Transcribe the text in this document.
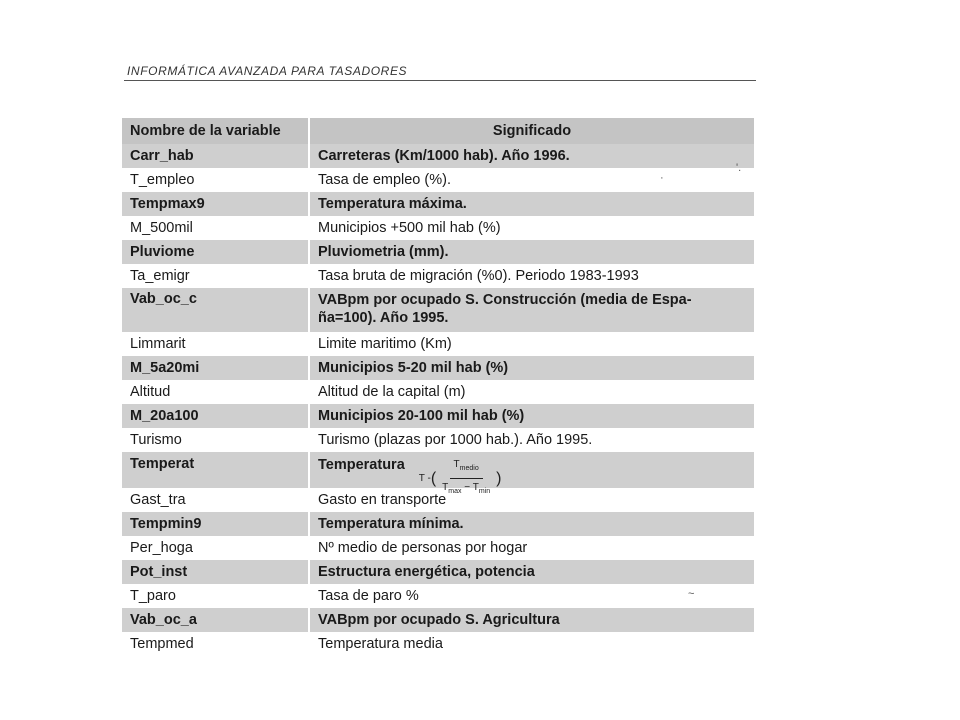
INFORMÁTICA AVANZADA PARA TASADORES
Nombre de la variable	Significado
Carr_hab	Carreteras (Km/1000 hab). Año 1996.
T_empleo	Tasa de empleo (%).
Tempmax9	Temperatura máxima.
M_500mil	Municipios +500 mil hab (%)
Pluviome	Pluviometria (mm).
Ta_emigr	Tasa bruta de migración (%0). Periodo 1983-1993
Vab_oc_c	VABpm por ocupado S. Construcción (media de Espa-
ña=100). Año 1995.
Limmarit	Limite maritimo (Km)
M_5a20mi	Municipios 5-20 mil hab (%)
Altitud	Altitud de la capital (m)
M_20a100	Municipios 20-100 mil hab (%)
Turismo	Turismo (plazas por 1000 hab.). Año 1995.
Temperat	Temperatura
T - ( $\frac{T_{medio}}{T_{max} - T_{min}}$ )
Gast_tra	Gasto en transporte
Tempmin9	Temperatura mínima.
Per_hoga	Nº medio de personas por hogar
Pot_inst	Estructura energética, potencia
T_paro	Tasa de paro %
Vab_oc_a	VABpm por ocupado S. Agricultura
Tempmed	Temperatura media
'.
·
~
